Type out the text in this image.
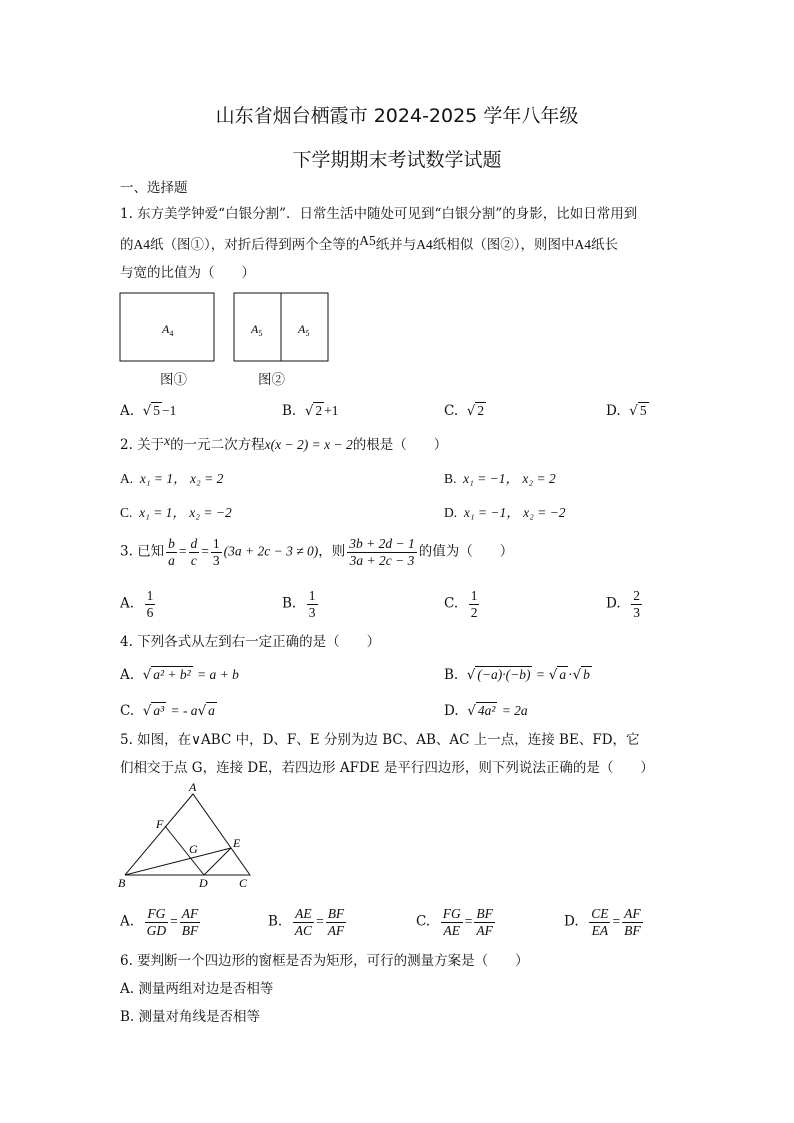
山东省烟台栖霞市 2024-2025 学年八年级
下学期期末考试数学试题
一、选择题
1. 东方美学钟爱“白银分割”．日常生活中随处可见到“白银分割”的身影，比如日常用到
的A4纸（图①），对折后得到两个全等的A5纸并与A4纸相似（图②），则图中A4纸长
与宽的比值为（　　）
$A_4$	$A_5$	$A_5$
图①	图②
A. √ 5 −1	B. √ 2 +1	C. √ 2	D. √ 5
2. 关于x的一元二次方程x(x − 2) = x − 2的根是（　　）
A.  x₁ = 1， x₂ = 2	B.  x₁ = −1， x₂ = 2
C.  x₁ = 1， x₂ = −2	D.  x₁ = −1， x₂ = −2
3. 已知 $\frac{b}{a} = \frac{d}{c} = \frac{1}{3} (3a + 2c - 3 \ne 0)$，则 $\frac{3b + 2d - 1}{3a + 2c - 3}$ 的值为（　　）
A. $\frac{1}{6}$	B. $\frac{1}{3}$	C. $\frac{1}{2}$	D. $\frac{2}{3}$
4. 下列各式从左到右一定正确的是（　　）
A.  √ a² + b² = a + b	B.  √ (−a)·(−b) = √ a ·√ b
C.  √ a³ = - a√ a	D.  √ 4a² = 2a
5. 如图，在∨ABC 中，D、F、E 分别为边 BC、AB、AC 上一点，连接 BE、FD，它
们相交于点 G，连接 DE，若四边形 AFDE 是平行四边形，则下列说法正确的是（　　）
A
F
E
G
B	D	C
A. $\frac{FG}{GD} = \frac{AF}{BF}$	B. $\frac{AE}{AC} = \frac{BF}{AF}$	C. $\frac{FG}{AE} = \frac{BF}{AF}$	D. $\frac{CE}{EA} = \frac{AF}{BF}$
6. 要判断一个四边形的窗框是否为矩形，可行的测量方案是（　　）
A. 测量两组对边是否相等
B. 测量对角线是否相等
